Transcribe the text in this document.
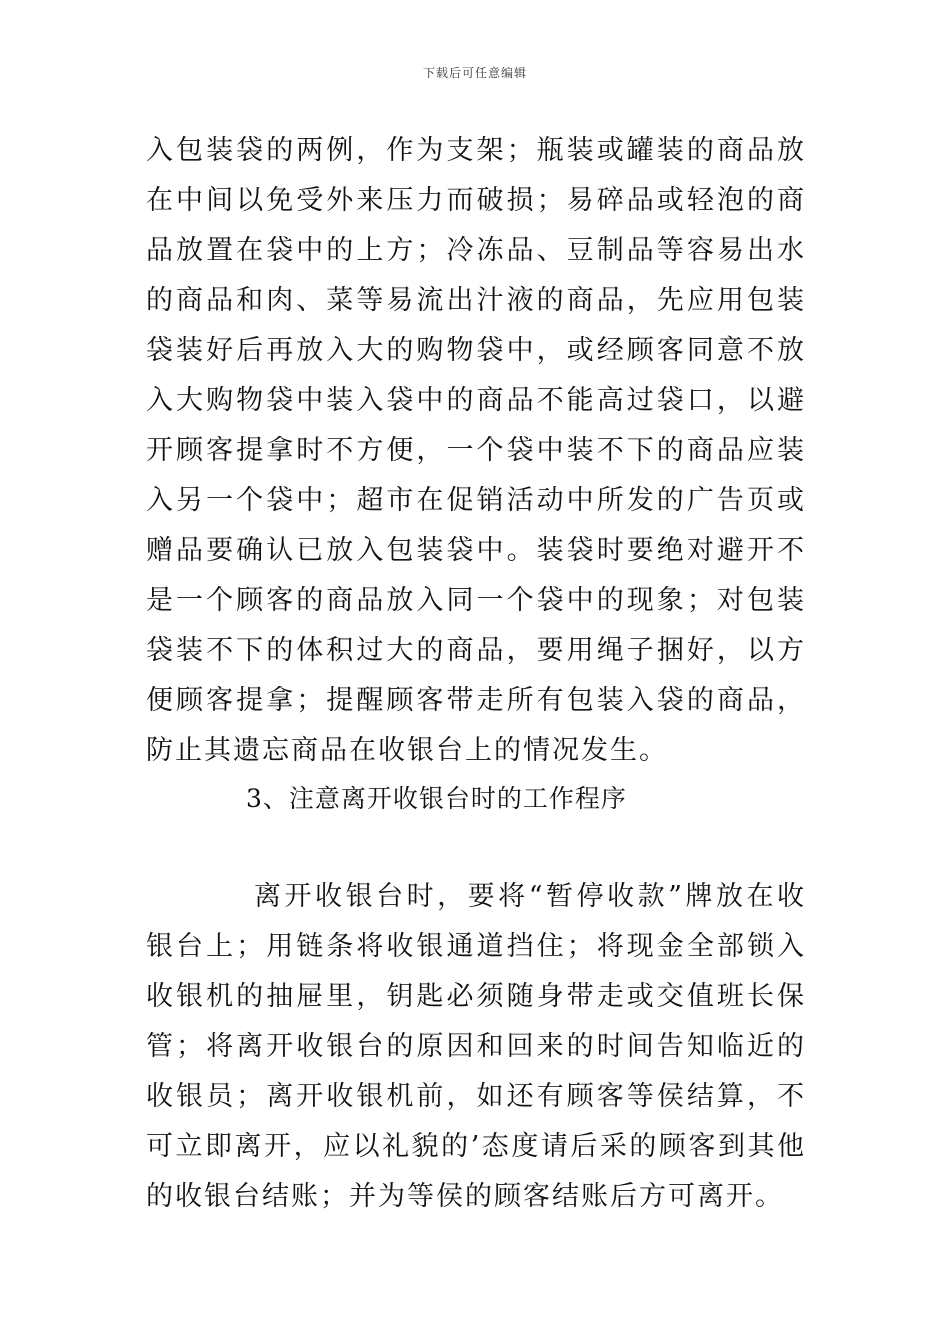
下载后可任意编辑

入包装袋的两例，作为支架；瓶装或罐装的商品放在中间以免受外来压力而破损；易碎品或轻泡的商品放置在袋中的上方；冷冻品、豆制品等容易出水的商品和肉、菜等易流出汁液的商品，先应用包装袋装好后再放入大的购物袋中，或经顾客同意不放入大购物袋中装入袋中的商品不能高过袋口，以避开顾客提拿时不方便，一个袋中装不下的商品应装入另一个袋中；超市在促销活动中所发的广告页或赠品要确认已放入包装袋中。装袋时要绝对避开不是一个顾客的商品放入同一个袋中的现象；对包装袋装不下的体积过大的商品，要用绳子捆好，以方便顾客提拿；提醒顾客带走所有包装入袋的商品，防止其遗忘商品在收银台上的情况发生。

3、注意离开收银台时的工作程序

离开收银台时，要将“暂停收款”牌放在收银台上；用链条将收银通道挡住；将现金全部锁入收银机的抽屉里，钥匙必须随身带走或交值班长保管；将离开收银台的原因和回来的时间告知临近的收银员；离开收银机前，如还有顾客等侯结算，不可立即离开，应以礼貌的’态度请后采的顾客到其他的收银台结账；并为等侯的顾客结账后方可离开。
